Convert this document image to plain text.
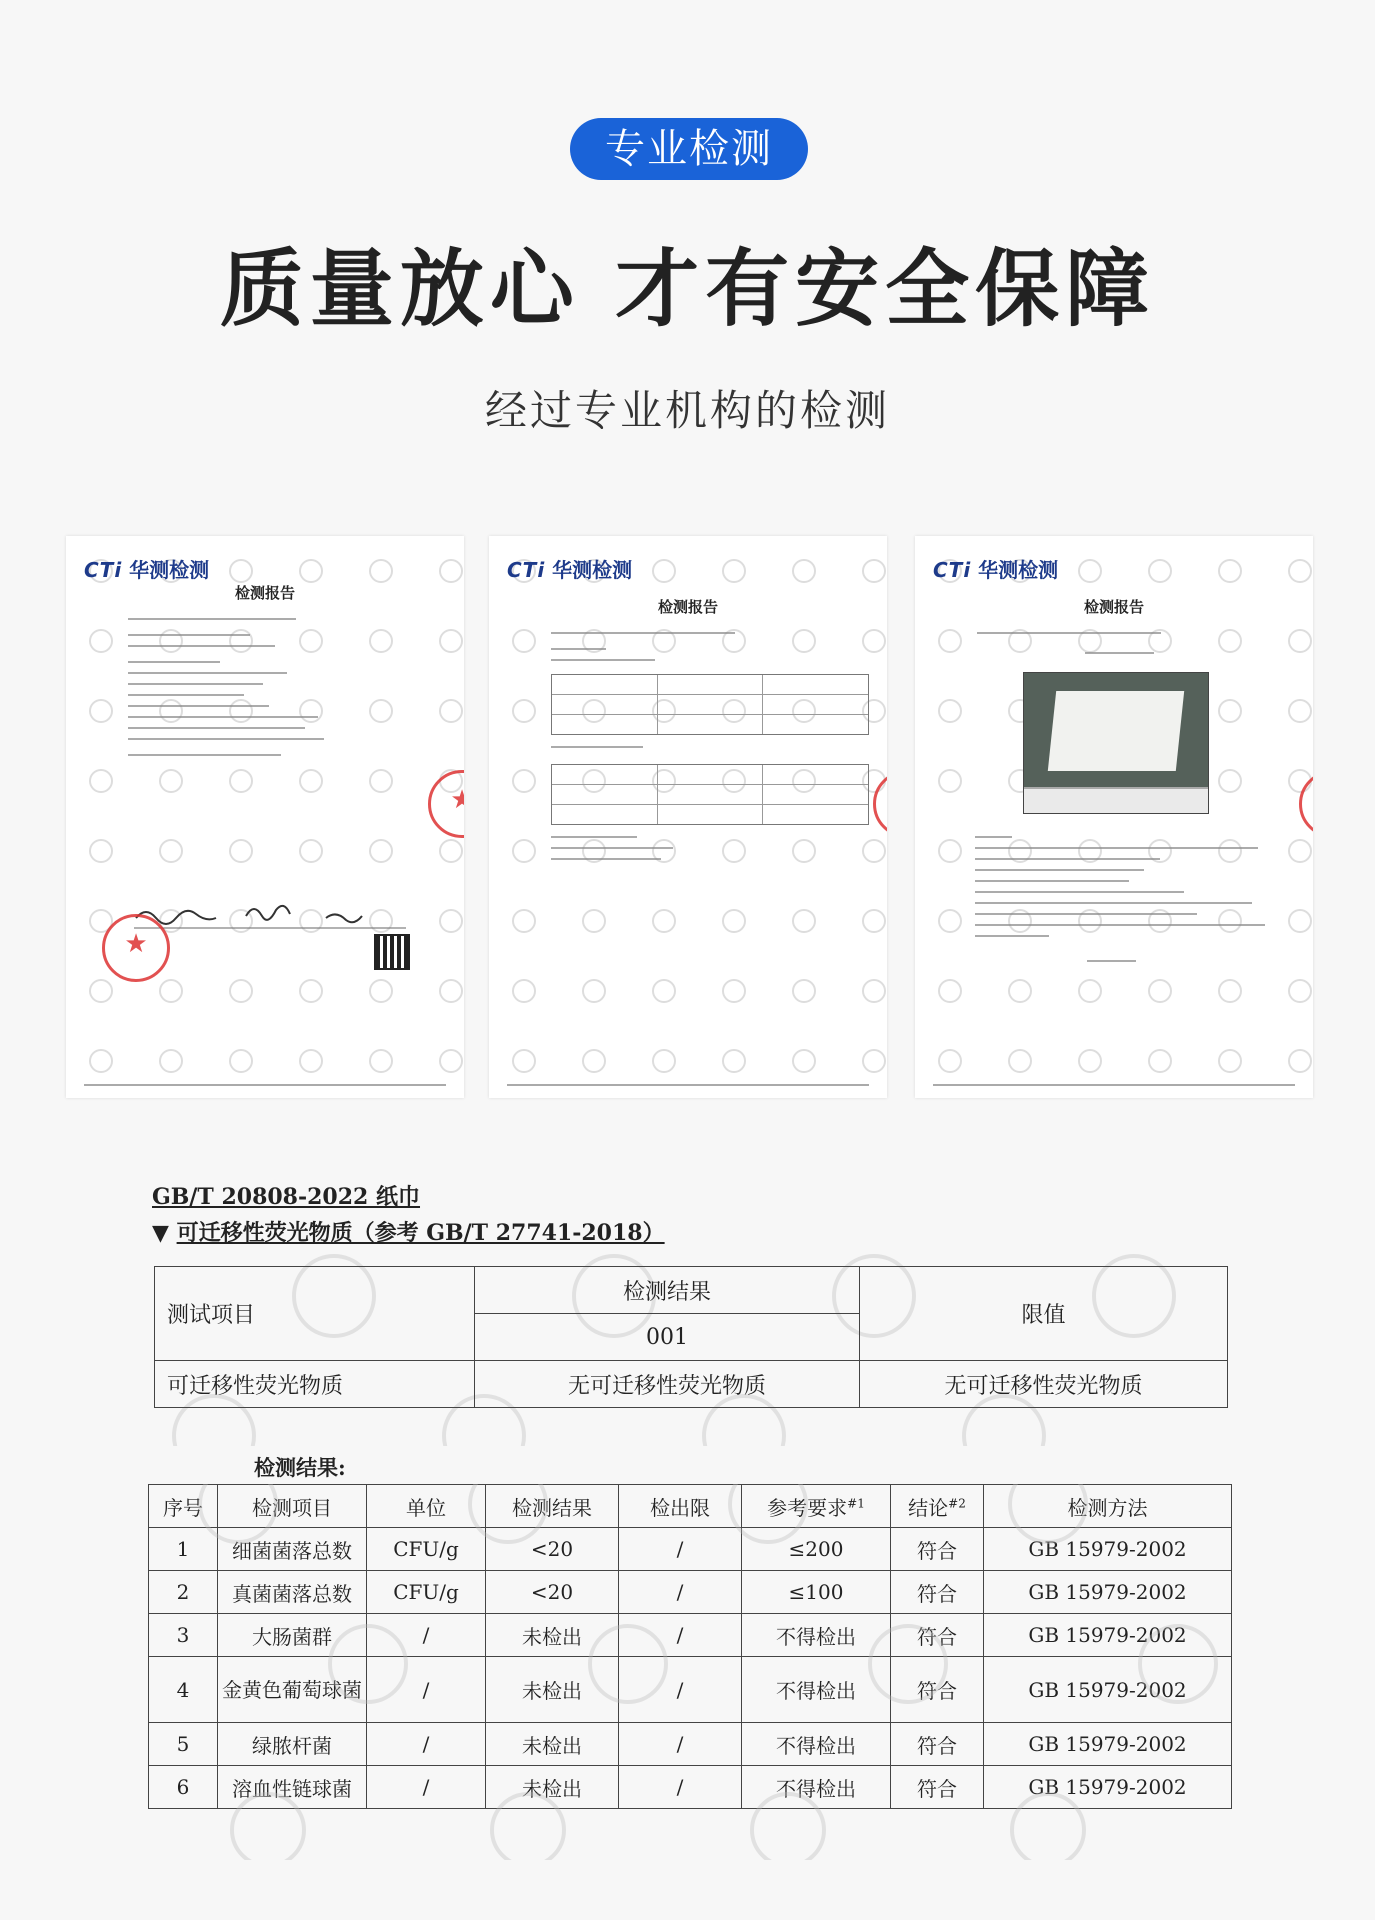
专业检测
质量放心 才有安全保障
经过专业机构的检测
CTi 华测检测
检测报告
★
★
CTi 华测检测
检测报告
★
CTi 华测检测
检测报告
★
GB/T 20808-2022 纸巾
▼ 可迁移性荧光物质（参考 GB/T 27741-2018）
测试项目	检测结果	限值
	001	
可迁移性荧光物质	无可迁移性荧光物质	无可迁移性荧光物质
检测结果:
序号	检测项目	单位	检测结果	检出限	参考要求$^{\#1}$	结论$^{\#2}$	检测方法
1	细菌菌落总数	CFU/g	<20	/	≤200	符合	GB 15979-2002
2	真菌菌落总数	CFU/g	<20	/	≤100	符合	GB 15979-2002
3	大肠菌群	/	未检出	/	不得检出	符合	GB 15979-2002
4	金黄色葡萄球菌	/	未检出	/	不得检出	符合	GB 15979-2002
5	绿脓杆菌	/	未检出	/	不得检出	符合	GB 15979-2002
6	溶血性链球菌	/	未检出	/	不得检出	符合	GB 15979-2002
